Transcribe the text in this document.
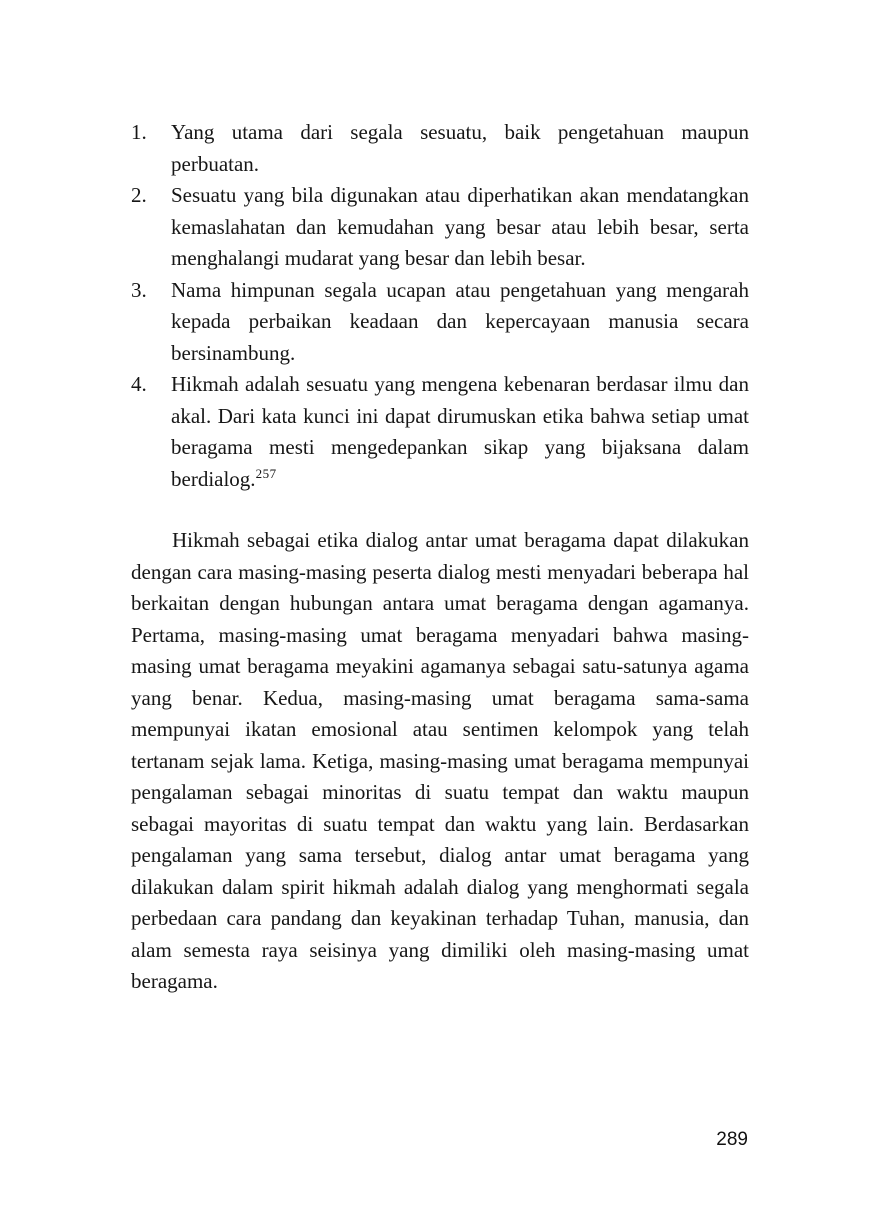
1. Yang utama dari segala sesuatu, baik pengetahuan maupun perbuatan.
2. Sesuatu yang bila digunakan atau diperhatikan akan mendatangkan kemaslahatan dan kemudahan yang besar atau lebih besar, serta menghalangi mudarat yang besar dan lebih besar.
3. Nama himpunan segala ucapan atau pengetahuan yang mengarah kepada perbaikan keadaan dan kepercayaan manusia secara bersinambung.
4. Hikmah adalah sesuatu yang mengena kebenaran berdasar ilmu dan akal. Dari kata kunci ini dapat dirumuskan etika bahwa setiap umat beragama mesti mengedepankan sikap yang bijaksana dalam berdialog.$^{257}$

Hikmah sebagai etika dialog antar umat beragama dapat dilakukan dengan cara masing-masing peserta dialog mesti menyadari beberapa hal berkaitan dengan hubungan antara umat beragama dengan agamanya. Pertama, masing-masing umat beragama menyadari bahwa masing-masing umat beragama meyakini agamanya sebagai satu-satunya agama yang benar. Kedua, masing-masing umat beragama sama-sama mempunyai ikatan emosional atau sentimen kelompok yang telah tertanam sejak lama. Ketiga, masing-masing umat beragama mempunyai pengalaman sebagai minoritas di suatu tempat dan waktu maupun sebagai mayoritas di suatu tempat dan waktu yang lain. Berdasarkan pengalaman yang sama tersebut, dialog antar umat beragama yang dilakukan dalam spirit hikmah adalah dialog yang menghormati segala perbedaan cara pandang dan keyakinan terhadap Tuhan, manusia, dan alam semesta raya seisinya yang dimiliki oleh masing-masing umat beragama.

289
